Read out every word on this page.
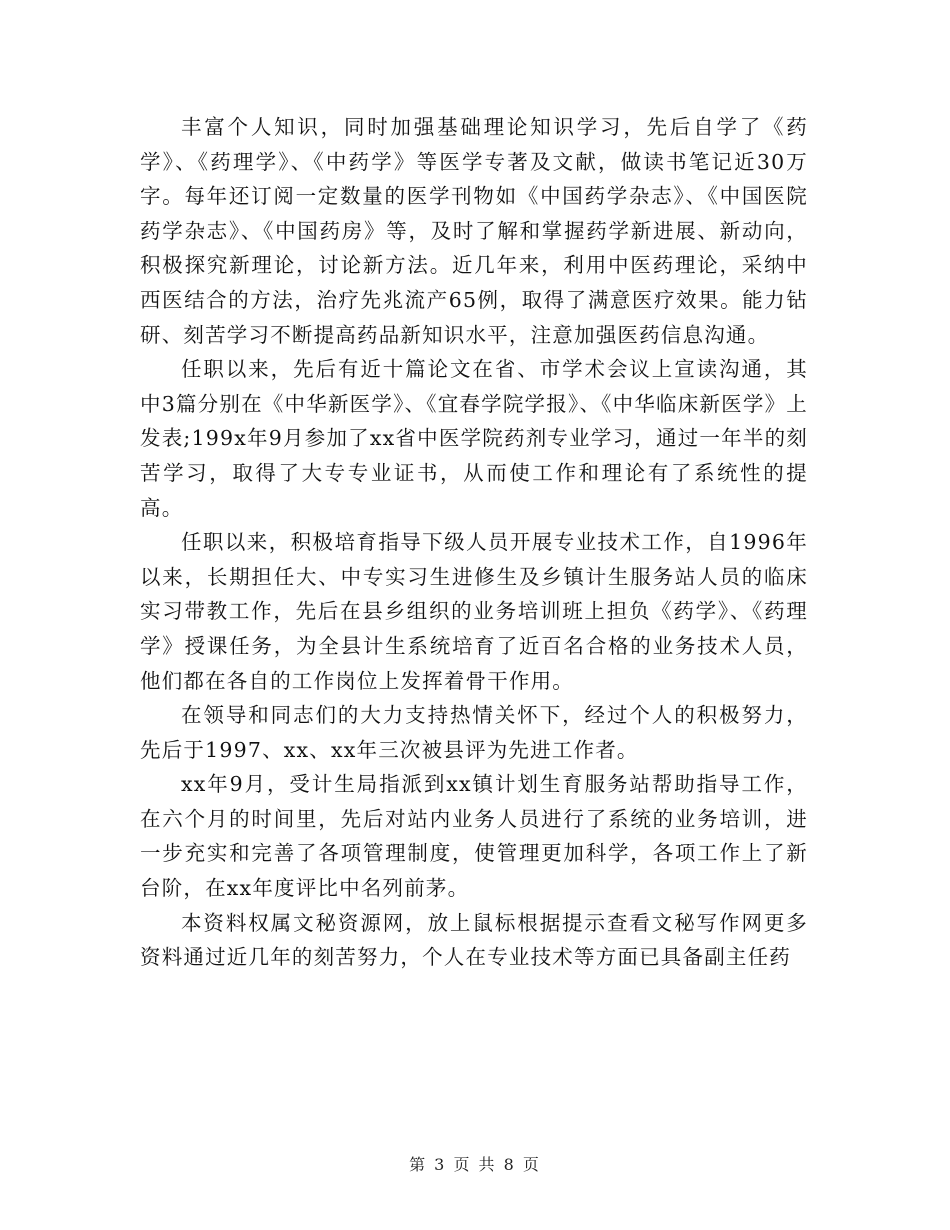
丰富个人知识，同时加强基础理论知识学习，先后自学了《药学》、《药理学》、《中药学》等医学专著及文献，做读书笔记近30万字。每年还订阅一定数量的医学刊物如《中国药学杂志》、《中国医院药学杂志》、《中国药房》等，及时了解和掌握药学新进展、新动向，积极探究新理论，讨论新方法。近几年来，利用中医药理论，采纳中西医结合的方法，治疗先兆流产65例，取得了满意医疗效果。能力钻研、刻苦学习不断提高药品新知识水平，注意加强医药信息沟通。

任职以来，先后有近十篇论文在省、市学术会议上宣读沟通，其中3篇分别在《中华新医学》、《宜春学院学报》、《中华临床新医学》上发表;199x年9月参加了xx省中医学院药剂专业学习，通过一年半的刻苦学习，取得了大专专业证书，从而使工作和理论有了系统性的提高。

任职以来，积极培育指导下级人员开展专业技术工作，自1996年以来，长期担任大、中专实习生进修生及乡镇计生服务站人员的临床实习带教工作，先后在县乡组织的业务培训班上担负《药学》、《药理学》授课任务，为全县计生系统培育了近百名合格的业务技术人员，他们都在各自的工作岗位上发挥着骨干作用。

在领导和同志们的大力支持热情关怀下，经过个人的积极努力，先后于1997、xx、xx年三次被县评为先进工作者。

xx年9月，受计生局指派到xx镇计划生育服务站帮助指导工作，在六个月的时间里，先后对站内业务人员进行了系统的业务培训，进一步充实和完善了各项管理制度，使管理更加科学，各项工作上了新台阶，在xx年度评比中名列前茅。

本资料权属文秘资源网，放上鼠标根据提示查看文秘写作网更多资料通过近几年的刻苦努力，个人在专业技术等方面已具备副主任药

第 3 页 共 8 页
